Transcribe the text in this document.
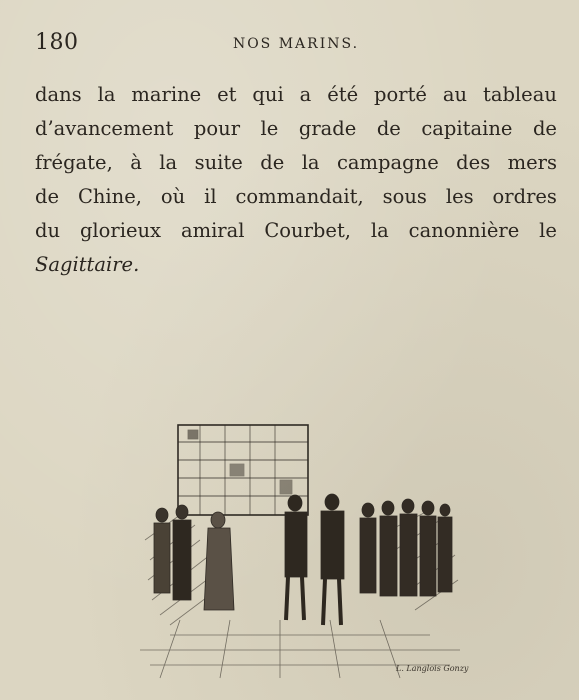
180	NOS MARINS.
dans la marine et qui a été porté au tableau
d’avancement pour le grade de capitaine de
frégate, à la suite de la campagne des mers
de Chine, où il commandait, sous les ordres
du glorieux amiral Courbet, la canonnière le
Sagittaire.
L. Langlois Gonzy
